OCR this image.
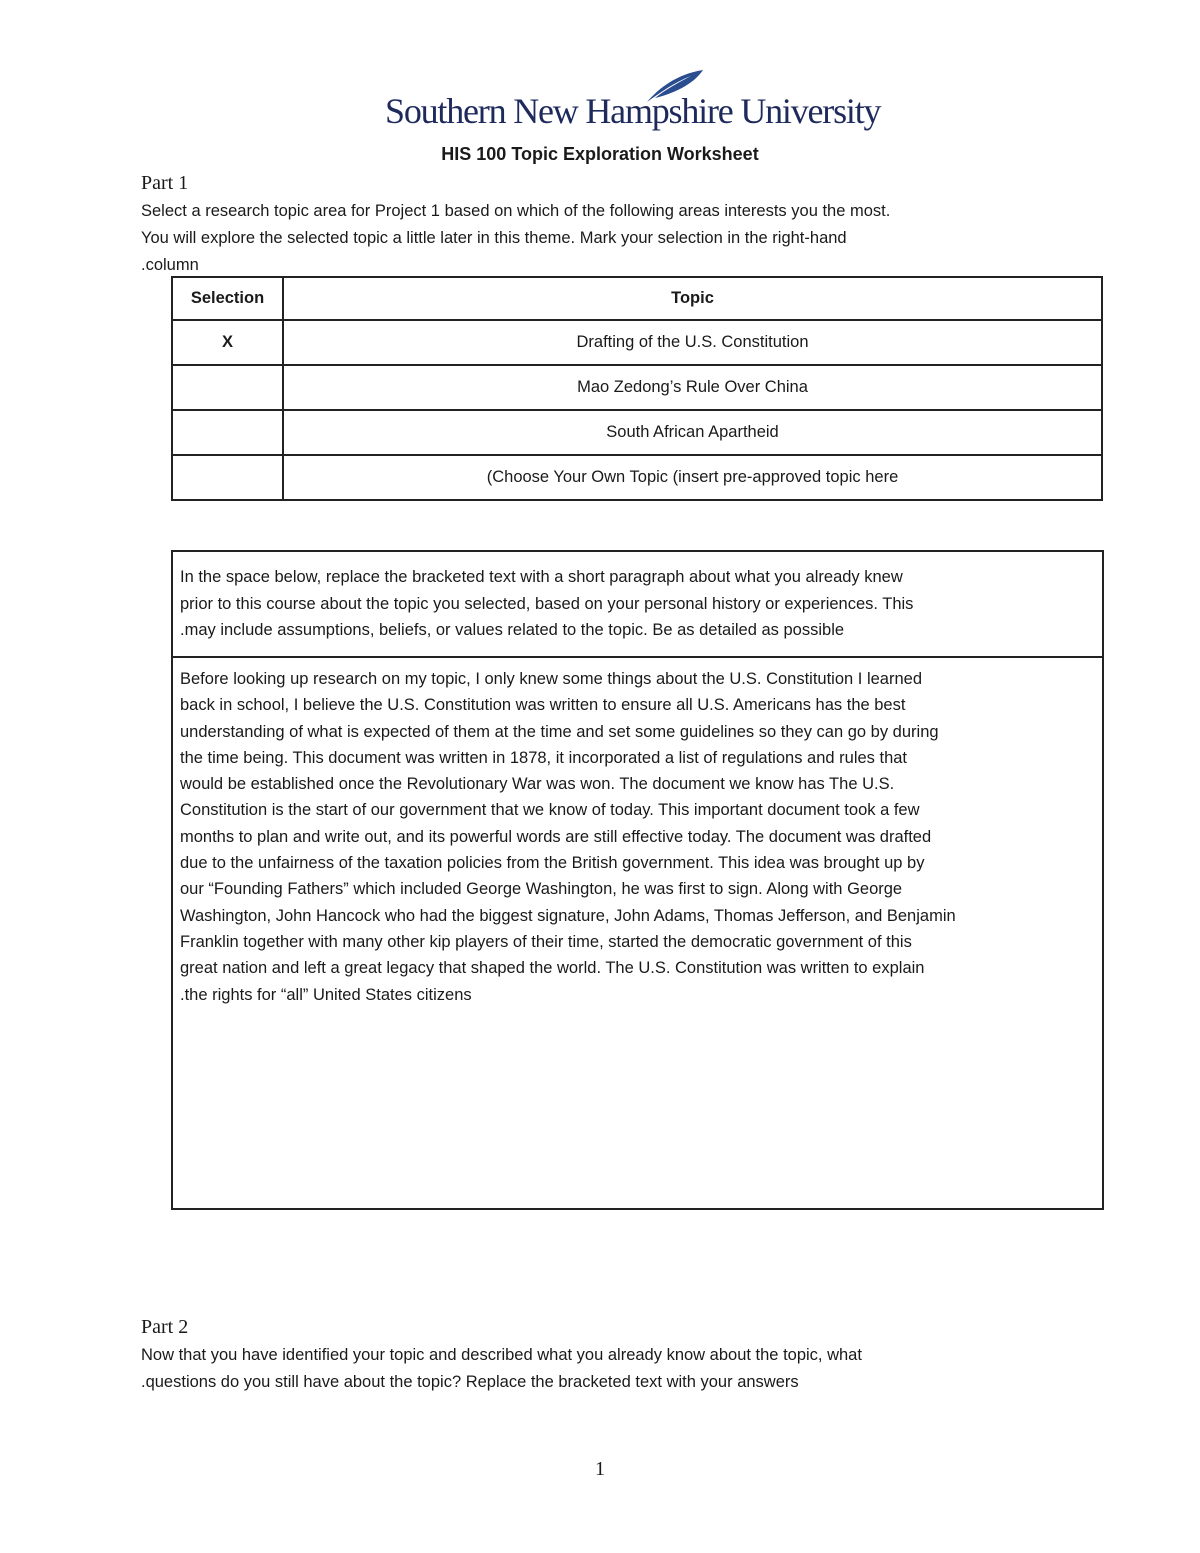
Southern New Hampshire University
HIS 100 Topic Exploration Worksheet
Part 1
Select a research topic area for Project 1 based on which of the following areas interests you the most.
You will explore the selected topic a little later in this theme. Mark your selection in the right-hand
.column
Selection	Topic
X	Drafting of the U.S. Constitution
	Mao Zedong’s Rule Over China
	South African Apartheid
	(Choose Your Own Topic (insert pre-approved topic here
In the space below, replace the bracketed text with a short paragraph about what you already knew
prior to this course about the topic you selected, based on your personal history or experiences. This
.may include assumptions, beliefs, or values related to the topic. Be as detailed as possible
Before looking up research on my topic, I only knew some things about the U.S. Constitution I learned
back in school, I believe the U.S. Constitution was written to ensure all U.S. Americans has the best
understanding of what is expected of them at the time and set some guidelines so they can go by during
the time being. This document was written in 1878, it incorporated a list of regulations and rules that
would be established once the Revolutionary War was won. The document we know has The U.S.
Constitution is the start of our government that we know of today. This important document took a few
months to plan and write out, and its powerful words are still effective today. The document was drafted
due to the unfairness of the taxation policies from the British government. This idea was brought up by
our “Founding Fathers” which included George Washington, he was first to sign. Along with George
Washington, John Hancock who had the biggest signature, John Adams, Thomas Jefferson, and Benjamin
Franklin together with many other kip players of their time, started the democratic government of this
great nation and left a great legacy that shaped the world. The U.S. Constitution was written to explain
.the rights for “all” United States citizens
Part 2
Now that you have identified your topic and described what you already know about the topic, what
.questions do you still have about the topic? Replace the bracketed text with your answers
1
